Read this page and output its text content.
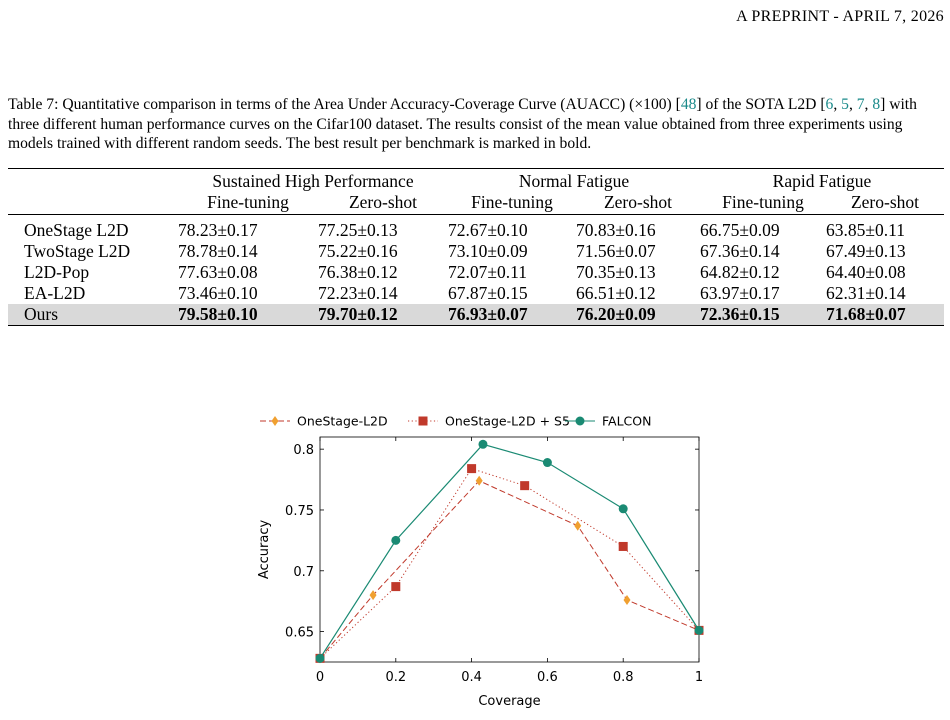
A PREPRINT - APRIL 7, 2026

Table 7: Quantitative comparison in terms of the Area Under Accuracy-Coverage Curve (AUACC) (×100) [48] of the SOTA L2D [6, 5, 7, 8] with three different human performance curves on the Cifar100 dataset. The results consist of the mean value obtained from three experiments using models trained with different random seeds. The best result per benchmark is marked in bold.

	Sustained High Performance		Normal Fatigue		Rapid Fatigue	
	Fine-tuning	Zero-shot	Fine-tuning	Zero-shot	Fine-tuning	Zero-shot
OneStage L2D	78.23±0.17	77.25±0.13	72.67±0.10	70.83±0.16	66.75±0.09	63.85±0.11
TwoStage L2D	78.78±0.14	75.22±0.16	73.10±0.09	71.56±0.07	67.36±0.14	67.49±0.13
L2D-Pop	77.63±0.08	76.38±0.12	72.07±0.11	70.35±0.13	64.82±0.12	64.40±0.08
EA-L2D	73.46±0.10	72.23±0.14	67.87±0.15	66.51±0.12	63.97±0.17	62.31±0.14
Ours	79.58±0.10	79.70±0.12	76.93±0.07	76.20±0.09	72.36±0.15	71.68±0.07
0	0.2	0.4	0.6	0.8	1
0.65
0.7
0.75
0.8
Coverage
Accuracy
OneStage-L2D	OneStage-L2D + S5	FALCON
